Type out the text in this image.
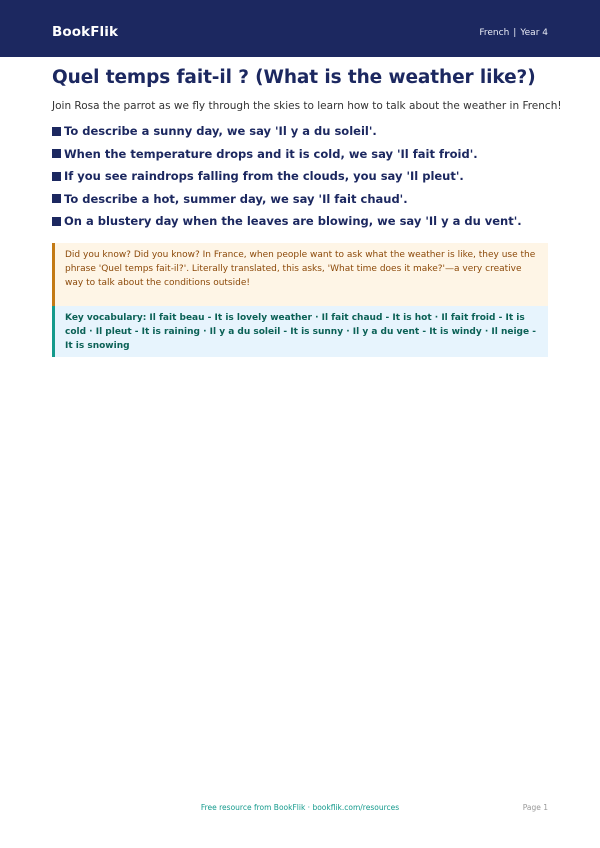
BookFlik	French | Year 4
Quel temps fait-il ? (What is the weather like?)
Join Rosa the parrot as we fly through the skies to learn how to talk about the weather in French!
To describe a sunny day, we say 'Il y a du soleil'.
When the temperature drops and it is cold, we say 'Il fait froid'.
If you see raindrops falling from the clouds, you say 'Il pleut'.
To describe a hot, summer day, we say 'Il fait chaud'.
On a blustery day when the leaves are blowing, we say 'Il y a du vent'.
Did you know? Did you know? In France, when people want to ask what the weather is like, they use the phrase 'Quel temps fait-il?'. Literally translated, this asks, 'What time does it make?'—a very creative way to talk about the conditions outside!
Key vocabulary: Il fait beau - It is lovely weather · Il fait chaud - It is hot · Il fait froid - It is cold · Il pleut - It is raining · Il y a du soleil - It is sunny · Il y a du vent - It is windy · Il neige - It is snowing
Free resource from BookFlik · bookflik.com/resources	Page 1
